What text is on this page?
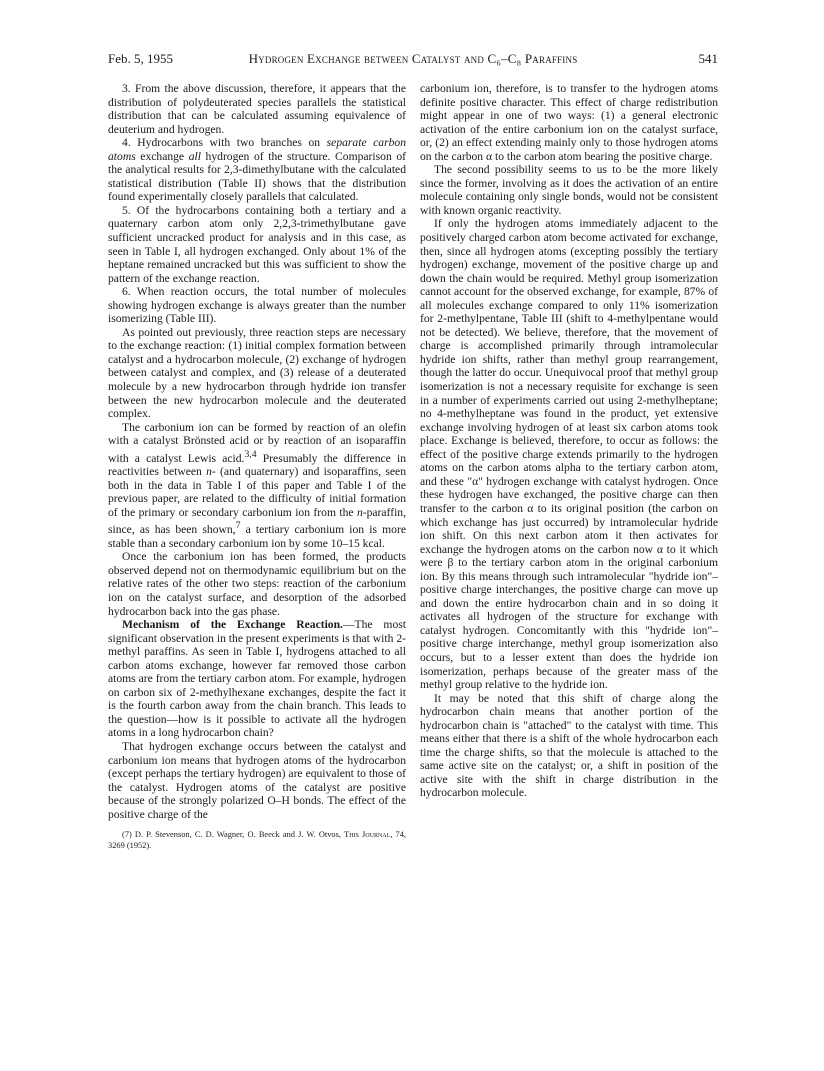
Feb. 5, 1955	Hydrogen Exchange between Catalyst and C₆–C₈ Paraffins	541

3. From the above discussion, therefore, it appears that the distribution of polydeuterated species parallels the statistical distribution that can be calculated assuming equivalence of deuterium and hydrogen.

4. Hydrocarbons with two branches on separate carbon atoms exchange all hydrogen of the structure. Comparison of the analytical results for 2,3-dimethylbutane with the calculated statistical distribution (Table II) shows that the distribution found experimentally closely parallels that calculated.

5. Of the hydrocarbons containing both a tertiary and a quaternary carbon atom only 2,2,3-trimethylbutane gave sufficient uncracked product for analysis and in this case, as seen in Table I, all hydrogen exchanged. Only about 1% of the heptane remained uncracked but this was sufficient to show the pattern of the exchange reaction.

6. When reaction occurs, the total number of molecules showing hydrogen exchange is always greater than the number isomerizing (Table III).

As pointed out previously, three reaction steps are necessary to the exchange reaction: (1) initial complex formation between catalyst and a hydrocarbon molecule, (2) exchange of hydrogen between catalyst and complex, and (3) release of a deuterated molecule by a new hydrocarbon through hydride ion transfer between the new hydrocarbon molecule and the deuterated complex.

The carbonium ion can be formed by reaction of an olefin with a catalyst Brönsted acid or by reaction of an isoparaffin with a catalyst Lewis acid.$^{3,4}$ Presumably the difference in reactivities between n- (and quaternary) and isoparaffins, seen both in the data in Table I of this paper and Table I of the previous paper, are related to the difficulty of initial formation of the primary or secondary carbonium ion from the n-paraffin, since, as has been shown,$^7$ a tertiary carbonium ion is more stable than a secondary carbonium ion by some 10–15 kcal.

Once the carbonium ion has been formed, the products observed depend not on thermodynamic equilibrium but on the relative rates of the other two steps: reaction of the carbonium ion on the catalyst surface, and desorption of the adsorbed hydrocarbon back into the gas phase.

Mechanism of the Exchange Reaction.—The most significant observation in the present experiments is that with 2-methyl paraffins. As seen in Table I, hydrogens attached to all carbon atoms exchange, however far removed those carbon atoms are from the tertiary carbon atom. For example, hydrogen on carbon six of 2-methylhexane exchanges, despite the fact it is the fourth carbon away from the chain branch. This leads to the question—how is it possible to activate all the hydrogen atoms in a long hydrocarbon chain?

That hydrogen exchange occurs between the catalyst and carbonium ion means that hydrogen atoms of the hydrocarbon (except perhaps the tertiary hydrogen) are equivalent to those of the catalyst. Hydrogen atoms of the catalyst are positive because of the strongly polarized O–H bonds. The effect of the positive charge of the

(7) D. P. Stevenson, C. D. Wagner, O. Beeck and J. W. Otvos, This Journal, 74, 3269 (1952).

carbonium ion, therefore, is to transfer to the hydrogen atoms definite positive character. This effect of charge redistribution might appear in one of two ways: (1) a general electronic activation of the entire carbonium ion on the catalyst surface, or, (2) an effect extending mainly only to those hydrogen atoms on the carbon α to the carbon atom bearing the positive charge.

The second possibility seems to us to be the more likely since the former, involving as it does the activation of an entire molecule containing only single bonds, would not be consistent with known organic reactivity.

If only the hydrogen atoms immediately adjacent to the positively charged carbon atom become activated for exchange, then, since all hydrogen atoms (excepting possibly the tertiary hydrogen) exchange, movement of the positive charge up and down the chain would be required. Methyl group isomerization cannot account for the observed exchange, for example, 87% of all molecules exchange compared to only 11% isomerization for 2-methylpentane, Table III (shift to 4-methylpentane would not be detected). We believe, therefore, that the movement of charge is accomplished primarily through intramolecular hydride ion shifts, rather than methyl group rearrangement, though the latter do occur. Unequivocal proof that methyl group isomerization is not a necessary requisite for exchange is seen in a number of experiments carried out using 2-methylheptane; no 4-methylheptane was found in the product, yet extensive exchange involving hydrogen of at least six carbon atoms took place. Exchange is believed, therefore, to occur as follows: the effect of the positive charge extends primarily to the hydrogen atoms on the carbon atoms alpha to the tertiary carbon atom, and these "α" hydrogen exchange with catalyst hydrogen. Once these hydrogen have exchanged, the positive charge can then transfer to the carbon α to its original position (the carbon on which exchange has just occurred) by intramolecular hydride ion shift. On this next carbon atom it then activates for exchange the hydrogen atoms on the carbon now α to it which were β to the tertiary carbon atom in the original carbonium ion. By this means through such intramolecular "hydride ion"–positive charge interchanges, the positive charge can move up and down the entire hydrocarbon chain and in so doing it activates all hydrogen of the structure for exchange with catalyst hydrogen. Concomitantly with this "hydride ion"–positive charge interchange, methyl group isomerization also occurs, but to a lesser extent than does the hydride ion isomerization, perhaps because of the greater mass of the methyl group relative to the hydride ion.

It may be noted that this shift of charge along the hydrocarbon chain means that another portion of the hydrocarbon chain is "attached" to the catalyst with time. This means either that there is a shift of the whole hydrocarbon each time the charge shifts, so that the molecule is attached to the same active site on the catalyst; or, a shift in position of the active site with the shift in charge distribution in the hydrocarbon molecule.
